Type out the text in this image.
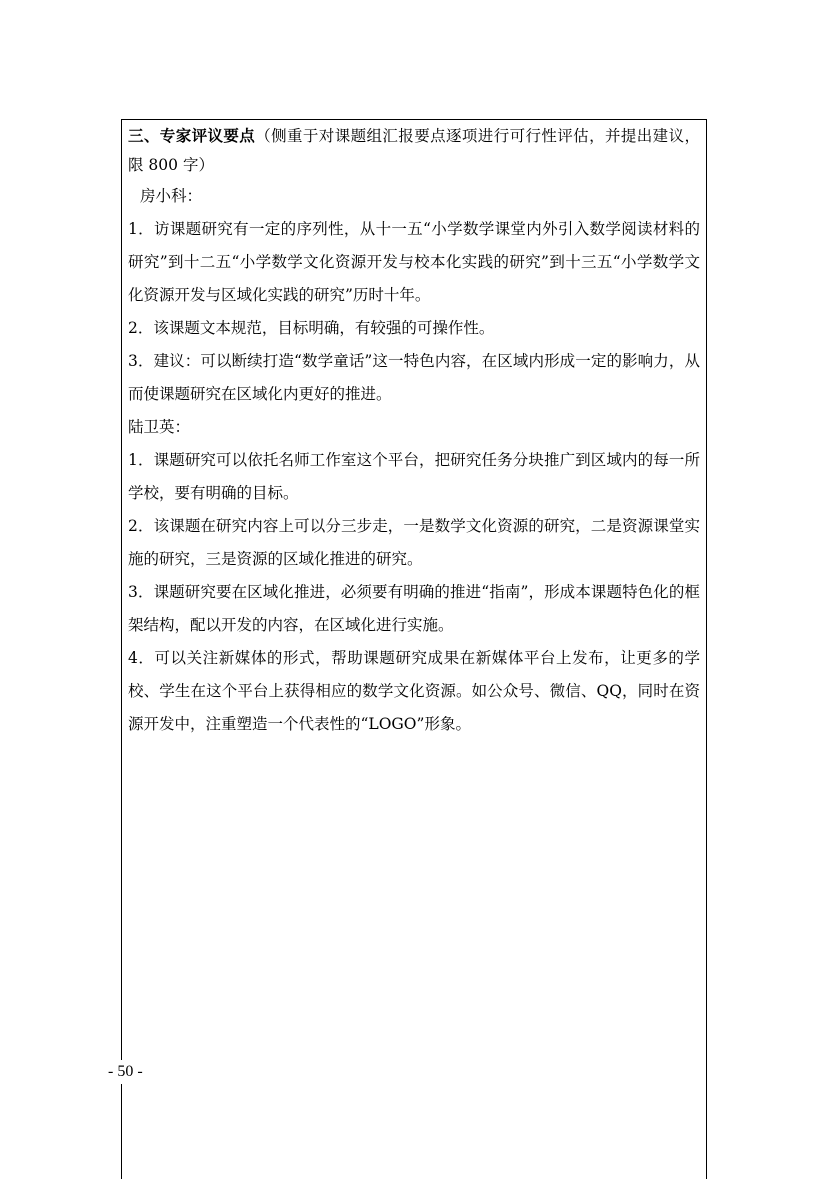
三、专家评议要点（侧重于对课题组汇报要点逐项进行可行性评估，并提出建议，限 800 字）

房小科：

1．访课题研究有一定的序列性，从十一五“小学数学课堂内外引入数学阅读材料的研究”到十二五“小学数学文化资源开发与校本化实践的研究”到十三五“小学数学文化资源开发与区域化实践的研究”历时十年。

2．该课题文本规范，目标明确，有较强的可操作性。

3．建议：可以断续打造“数学童话”这一特色内容，在区域内形成一定的影响力，从而使课题研究在区域化内更好的推进。

陆卫英：

1．课题研究可以依托名师工作室这个平台，把研究任务分块推广到区域内的每一所学校，要有明确的目标。

2．该课题在研究内容上可以分三步走，一是数学文化资源的研究，二是资源课堂实施的研究，三是资源的区域化推进的研究。

3．课题研究要在区域化推进，必须要有明确的推进“指南”，形成本课题特色化的框架结构，配以开发的内容，在区域化进行实施。

4．可以关注新媒体的形式，帮助课题研究成果在新媒体平台上发布，让更多的学校、学生在这个平台上获得相应的数学文化资源。如公众号、微信、QQ，同时在资源开发中，注重塑造一个代表性的“LOGO”形象。

- 50 -
